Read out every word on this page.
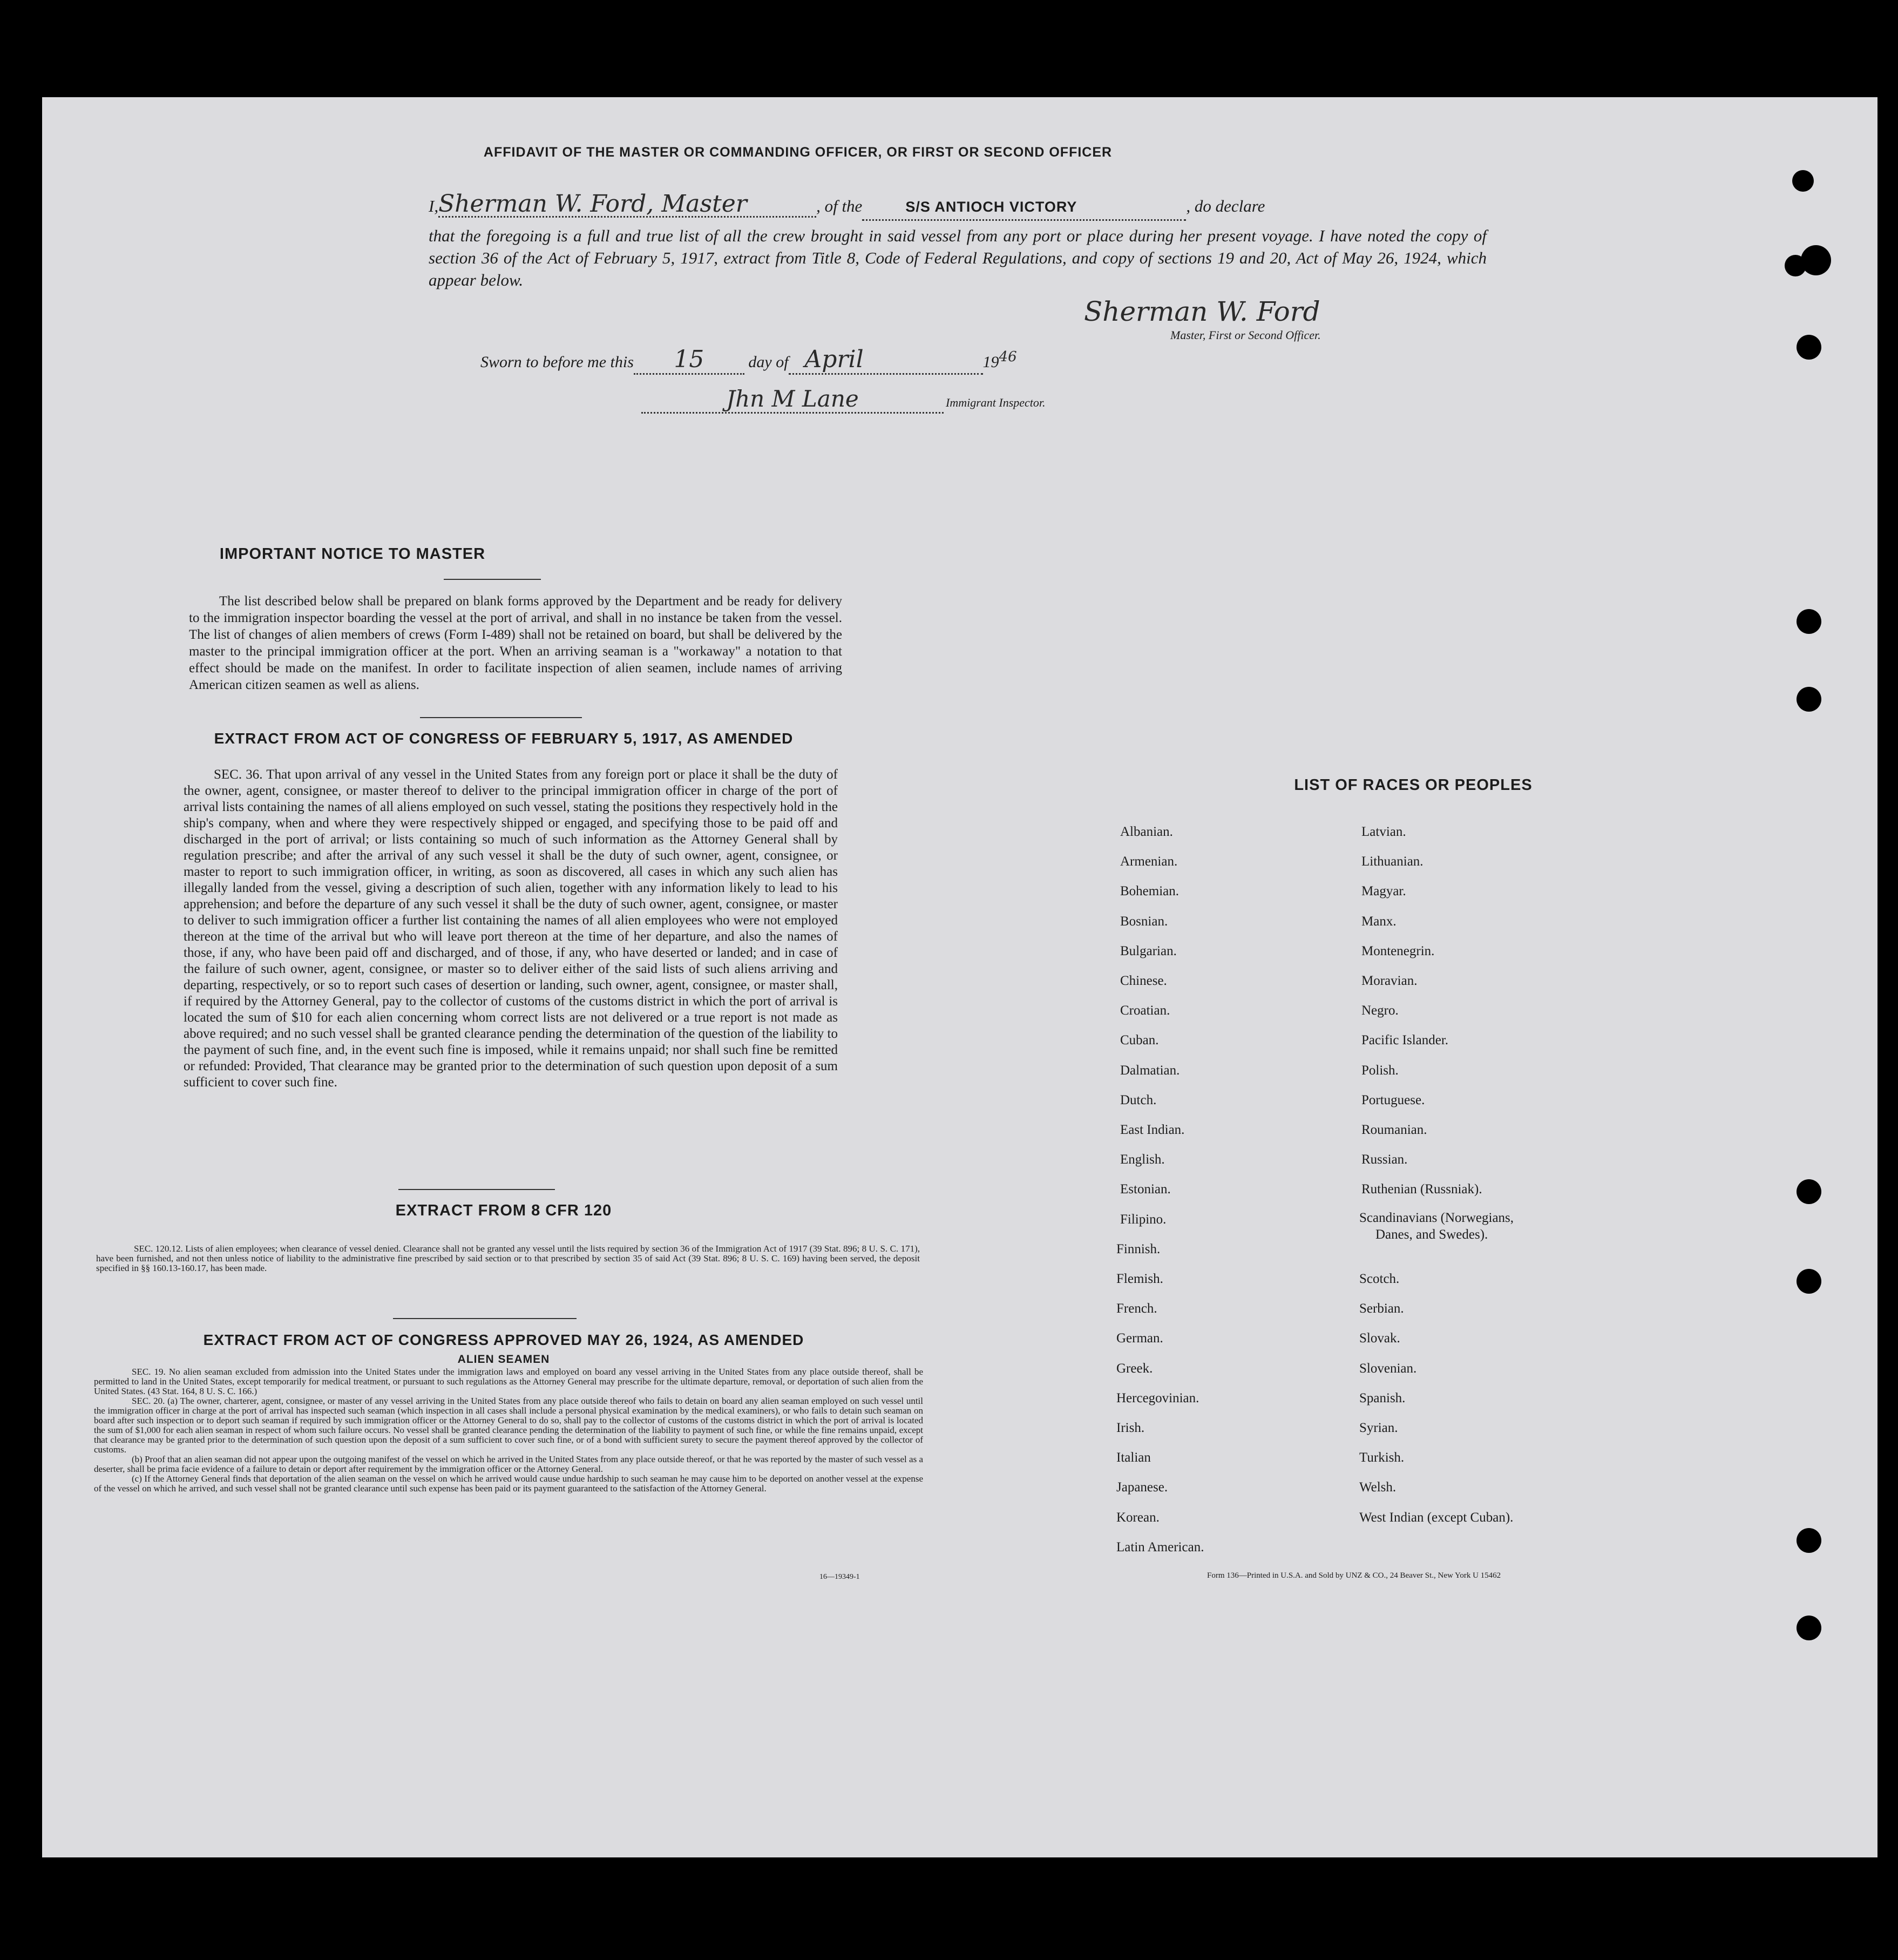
AFFIDAVIT OF THE MASTER OR COMMANDING OFFICER, OR FIRST OR SECOND OFFICER
I,Sherman W. Ford, Master	, of the	S/S ANTIOCH VICTORY	, do declare
that the foregoing is a full and true list of all the crew brought in said vessel from any port or place during her present voyage. I have noted the copy of section 36 of the Act of February 5, 1917, extract from Title 8, Code of Federal Regulations, and copy of sections 19 and 20, Act of May 26, 1924, which appear below.
Sherman W. Ford
Master, First or Second Officer.
Sworn to before me this 15	day of April	1946
Jhn M Lane	Immigrant Inspector.
IMPORTANT NOTICE TO MASTER
The list described below shall be prepared on blank forms approved by the Department and be ready for delivery to the immigration inspector boarding the vessel at the port of arrival, and shall in no instance be taken from the vessel. The list of changes of alien members of crews (Form I-489) shall not be retained on board, but shall be delivered by the master to the principal immigration officer at the port. When an arriving seaman is a "workaway" a notation to that effect should be made on the manifest. In order to facilitate inspection of alien seamen, include names of arriving American citizen seamen as well as aliens.
EXTRACT FROM ACT OF CONGRESS OF FEBRUARY 5, 1917, AS AMENDED
SEC. 36. That upon arrival of any vessel in the United States from any foreign port or place it shall be the duty of the owner, agent, consignee, or master thereof to deliver to the principal immigration officer in charge of the port of arrival lists containing the names of all aliens employed on such vessel, stating the positions they respectively hold in the ship's company, when and where they were respectively shipped or engaged, and specifying those to be paid off and discharged in the port of arrival; or lists containing so much of such information as the Attorney General shall by regulation prescribe; and after the arrival of any such vessel it shall be the duty of such owner, agent, consignee, or master to report to such immigration officer, in writing, as soon as discovered, all cases in which any such alien has illegally landed from the vessel, giving a description of such alien, together with any information likely to lead to his apprehension; and before the departure of any such vessel it shall be the duty of such owner, agent, consignee, or master to deliver to such immigration officer a further list containing the names of all alien employees who were not employed thereon at the time of the arrival but who will leave port thereon at the time of her departure, and also the names of those, if any, who have been paid off and discharged, and of those, if any, who have deserted or landed; and in case of the failure of such owner, agent, consignee, or master so to deliver either of the said lists of such aliens arriving and departing, respectively, or so to report such cases of desertion or landing, such owner, agent, consignee, or master shall, if required by the Attorney General, pay to the collector of customs of the customs district in which the port of arrival is located the sum of $10 for each alien concerning whom correct lists are not delivered or a true report is not made as above required; and no such vessel shall be granted clearance pending the determination of the question of the liability to the payment of such fine, and, in the event such fine is imposed, while it remains unpaid; nor shall such fine be remitted or refunded: Provided, That clearance may be granted prior to the determination of such question upon deposit of a sum sufficient to cover such fine.
EXTRACT FROM 8 CFR 120
SEC. 120.12. Lists of alien employees; when clearance of vessel denied. Clearance shall not be granted any vessel until the lists required by section 36 of the Immigration Act of 1917 (39 Stat. 896; 8 U. S. C. 171), have been furnished, and not then unless notice of liability to the administrative fine prescribed by said section or to that prescribed by section 35 of said Act (39 Stat. 896; 8 U. S. C. 169) having been served, the deposit specified in §§ 160.13-160.17, has been made.
EXTRACT FROM ACT OF CONGRESS APPROVED MAY 26, 1924, AS AMENDED
ALIEN SEAMEN
SEC. 19. No alien seaman excluded from admission into the United States under the immigration laws and employed on board any vessel arriving in the United States from any place outside thereof, shall be permitted to land in the United States, except temporarily for medical treatment, or pursuant to such regulations as the Attorney General may prescribe for the ultimate departure, removal, or deportation of such alien from the United States. (43 Stat. 164, 8 U. S. C. 166.)
SEC. 20. (a) The owner, charterer, agent, consignee, or master of any vessel arriving in the United States from any place outside thereof who fails to detain on board any alien seaman employed on such vessel until the immigration officer in charge at the port of arrival has inspected such seaman (which inspection in all cases shall include a personal physical examination by the medical examiners), or who fails to detain such seaman on board after such inspection or to deport such seaman if required by such immigration officer or the Attorney General to do so, shall pay to the collector of customs of the customs district in which the port of arrival is located the sum of $1,000 for each alien seaman in respect of whom such failure occurs. No vessel shall be granted clearance pending the determination of the liability to payment of such fine, or while the fine remains unpaid, except that clearance may be granted prior to the determination of such question upon the deposit of a sum sufficient to cover such fine, or of a bond with sufficient surety to secure the payment thereof approved by the collector of customs.
(b) Proof that an alien seaman did not appear upon the outgoing manifest of the vessel on which he arrived in the United States from any place outside thereof, or that he was reported by the master of such vessel as a deserter, shall be prima facie evidence of a failure to detain or deport after requirement by the immigration officer or the Attorney General.
(c) If the Attorney General finds that deportation of the alien seaman on the vessel on which he arrived would cause undue hardship to such seaman he may cause him to be deported on another vessel at the expense of the vessel on which he arrived, and such vessel shall not be granted clearance until such expense has been paid or its payment guaranteed to the satisfaction of the Attorney General.
16—19349-1
LIST OF RACES OR PEOPLES
Form 136—Printed in U.S.A. and Sold by UNZ & CO., 24 Beaver St., New York U 15462
Albanian.
Armenian.
Bohemian.
Bosnian.
Bulgarian.
Chinese.
Croatian.
Cuban.
Dalmatian.
Dutch.
East Indian.
English.
Estonian.
Filipino.
Finnish.
Flemish.
French.
German.
Greek.
Hercegovinian.
Irish.
Italian
Japanese.
Korean.
Latin American.
Latvian.
Lithuanian.
Magyar.
Manx.
Montenegrin.
Moravian.
Negro.
Pacific Islander.
Polish.
Portuguese.
Roumanian.
Russian.
Ruthenian (Russniak).
Scandinavians (Norwegians,
Danes, and Swedes).
Scotch.
Serbian.
Slovak.
Slovenian.
Spanish.
Syrian.
Turkish.
Welsh.
West Indian (except Cuban).
